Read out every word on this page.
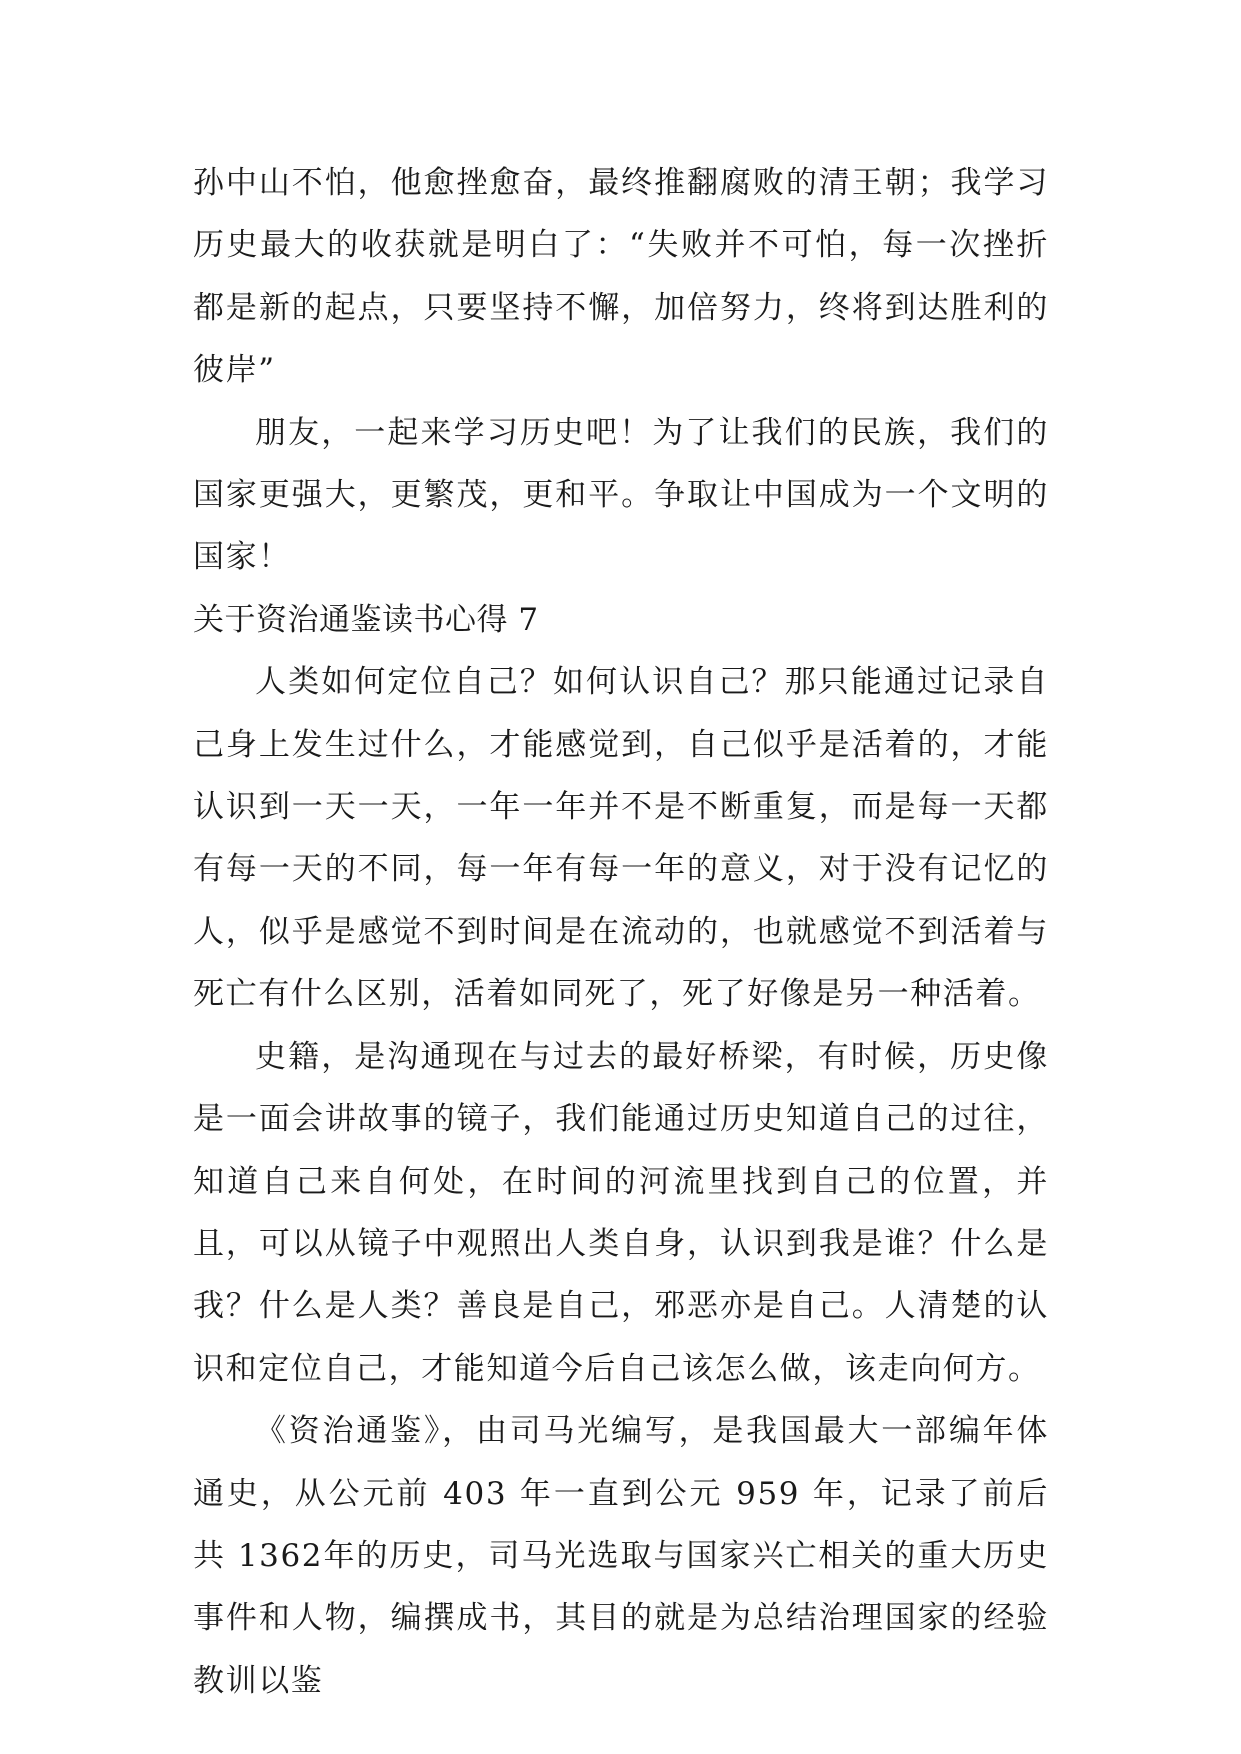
孙中山不怕，他愈挫愈奋，最终推翻腐败的清王朝；我学习历史最大的收获就是明白了：“失败并不可怕，每一次挫折都是新的起点，只要坚持不懈，加倍努力，终将到达胜利的彼岸”

朋友，一起来学习历史吧！为了让我们的民族，我们的国家更强大，更繁茂，更和平。争取让中国成为一个文明的国家！

关于资治通鉴读书心得 7

人类如何定位自己？如何认识自己？那只能通过记录自己身上发生过什么，才能感觉到，自己似乎是活着的，才能认识到一天一天，一年一年并不是不断重复，而是每一天都有每一天的不同，每一年有每一年的意义，对于没有记忆的人，似乎是感觉不到时间是在流动的，也就感觉不到活着与死亡有什么区别，活着如同死了，死了好像是另一种活着。

史籍，是沟通现在与过去的最好桥梁，有时候，历史像是一面会讲故事的镜子，我们能通过历史知道自己的过往，知道自己来自何处，在时间的河流里找到自己的位置，并且，可以从镜子中观照出人类自身，认识到我是谁？什么是我？什么是人类？善良是自己，邪恶亦是自己。人清楚的认识和定位自己，才能知道今后自己该怎么做，该走向何方。

《资治通鉴》，由司马光编写，是我国最大一部编年体通史，从公元前 403 年一直到公元 959 年，记录了前后共 1362年的历史，司马光选取与国家兴亡相关的重大历史事件和人物，编撰成书，其目的就是为总结治理国家的经验教训以鉴
